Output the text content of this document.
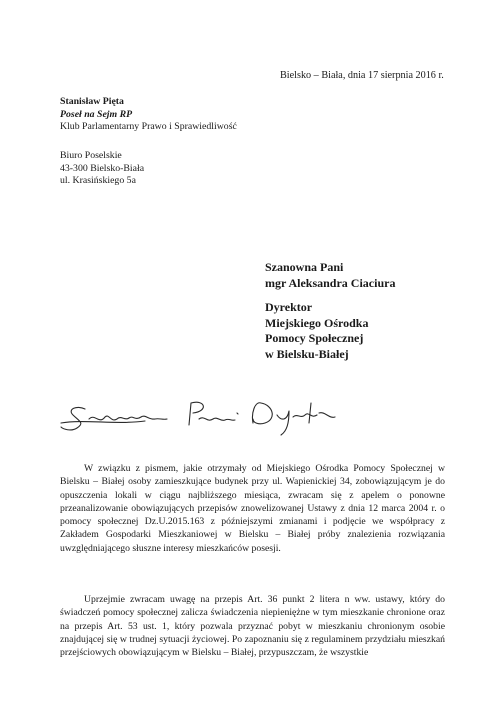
Bielsko – Biała, dnia 17 sierpnia 2016 r.
Stanisław Pięta
Poseł na Sejm RP
Klub Parlamentarny Prawo i Sprawiedliwość
Biuro Poselskie
43-300 Bielsko-Biała
ul. Krasińskiego 5a
Szanowna Pani
mgr Aleksandra Ciaciura
Dyrektor
Miejskiego Ośrodka
Pomocy Społecznej
w Bielsku-Białej
W związku z pismem, jakie otrzymały od Miejskiego Ośrodka Pomocy Społecznej w Bielsku – Białej osoby zamieszkujące budynek przy ul. Wapienickiej 34, zobowiązującym je do opuszczenia lokali w ciągu najbliższego miesiąca, zwracam się z apelem o ponowne przeanalizowanie obowiązujących przepisów znowelizowanej Ustawy z dnia 12 marca 2004 r. o pomocy społecznej Dz.U.2015.163 z późniejszymi zmianami i podjęcie we współpracy z Zakładem Gospodarki Mieszkaniowej w Bielsku – Białej próby znalezienia rozwiązania uwzględniającego słuszne interesy mieszkańców posesji.
Uprzejmie zwracam uwagę na przepis Art. 36 punkt 2 litera n ww. ustawy, który do świadczeń pomocy społecznej zalicza świadczenia niepieniężne w tym mieszkanie chronione oraz na przepis Art. 53 ust. 1, który pozwala przyznać pobyt w mieszkaniu chronionym osobie znajdującej się w trudnej sytuacji życiowej. Po zapoznaniu się z regulaminem przydziału mieszkań przejściowych obowiązującym w Bielsku – Białej, przypuszczam, że wszystkie
